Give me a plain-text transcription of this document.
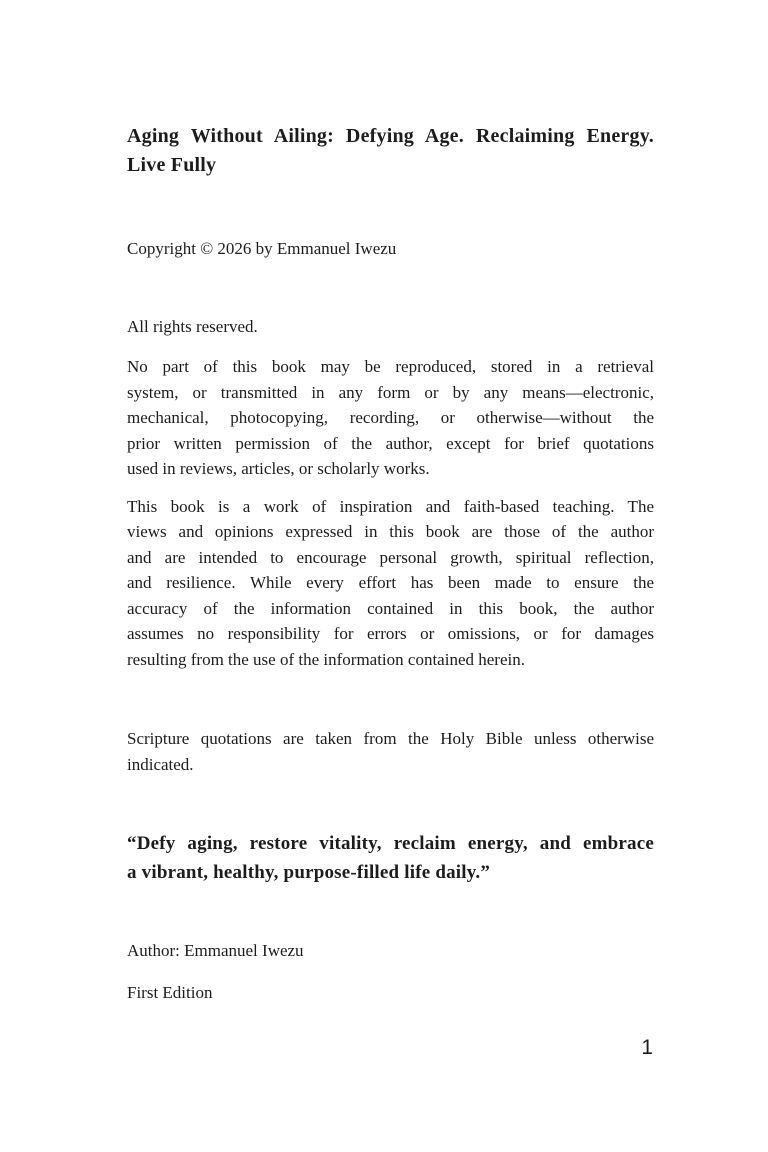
Aging Without Ailing: Defying Age. Reclaiming Energy.
Live Fully
Copyright © 2026 by Emmanuel Iwezu
All rights reserved.
No part of this book may be reproduced, stored in a retrieval
system, or transmitted in any form or by any means—electronic,
mechanical, photocopying, recording, or otherwise—without the
prior written permission of the author, except for brief quotations
used in reviews, articles, or scholarly works.
This book is a work of inspiration and faith-based teaching. The
views and opinions expressed in this book are those of the author
and are intended to encourage personal growth, spiritual reflection,
and resilience. While every effort has been made to ensure the
accuracy of the information contained in this book, the author
assumes no responsibility for errors or omissions, or for damages
resulting from the use of the information contained herein.
Scripture quotations are taken from the Holy Bible unless otherwise
indicated.
“Defy aging, restore vitality, reclaim energy, and embrace
a vibrant, healthy, purpose-filled life daily.”
Author: Emmanuel Iwezu
First Edition
1
